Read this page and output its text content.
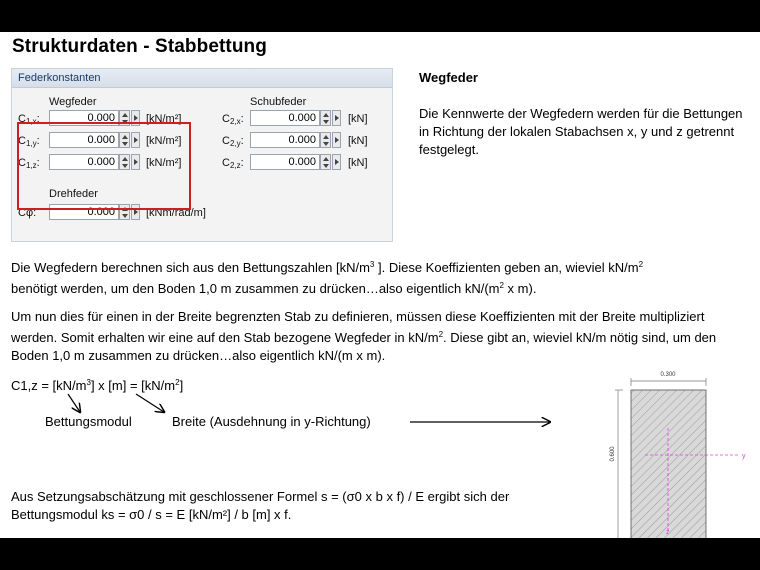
Strukturdaten - Stabbettung
Federkonstanten
Wegfeder
$C_{1,x}$:	0.000	[kN/m²]
$C_{1,y}$:	0.000	[kN/m²]
$C_{1,z}$:	0.000	[kN/m²]
Schubfeder
$C_{2,x}$:	0.000	[kN]
$C_{2,y}$:	0.000	[kN]
$C_{2,z}$:	0.000	[kN]
Drehfeder
Cφ:	0.000	[kNm/rad/m]
Wegfeder
Die Kennwerte der Wegfedern werden für die Bettungen in Richtung der lokalen Stabachsen x, y und z getrennt festgelegt.
Die Wegfedern berechnen sich aus den Bettungszahlen [$kN/m^3$ ]. Diese Koeffizienten geben an, wieviel $kN/m^2$
benötigt werden, um den Boden 1,0 m zusammen zu drücken…also eigentlich $kN/(m^2$ x m).
Um nun dies für einen in der Breite begrenzten Stab zu definieren, müssen diese Koeffizienten mit der Breite multipliziert werden. Somit erhalten wir eine auf den Stab bezogene Wegfeder in $kN/m^2$. Diese gibt an, wieviel kN/m nötig sind, um den Boden 1,0 m zusammen zu drücken…also eigentlich kN/(m x m).
$C1,z = [kN/m^3]$ x $[m] = [kN/m^2]$
Bettungsmodul	Breite (Ausdehnung in y-Richtung)
Aus Setzungsabschätzung mit geschlossener Formel s = (σ0 x b x f) / E ergibt sich der
Bettungsmodul ks = σ0 / s = E [kN/m²] / b [m] x f.
0.300
0.600	y
z
